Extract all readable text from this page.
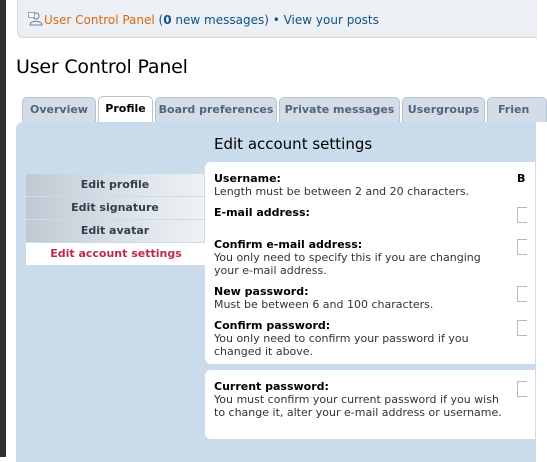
User Control Panel (0 new messages) • View your posts
User Control Panel
Overview	Profile	Board preferences	Private messages	Usergroups	Frien
Edit account settings
Edit profile
Edit signature
Edit avatar
Edit account settings
Username:
Length must be between 2 and 20 characters.
B
E-mail address:
Confirm e-mail address:
You only need to specify this if you are changing your e-mail address.
New password:
Must be between 6 and 100 characters.
Confirm password:
You only need to confirm your password if you changed it above.
Current password:
You must confirm your current password if you wish to change it, alter your e-mail address or username.
